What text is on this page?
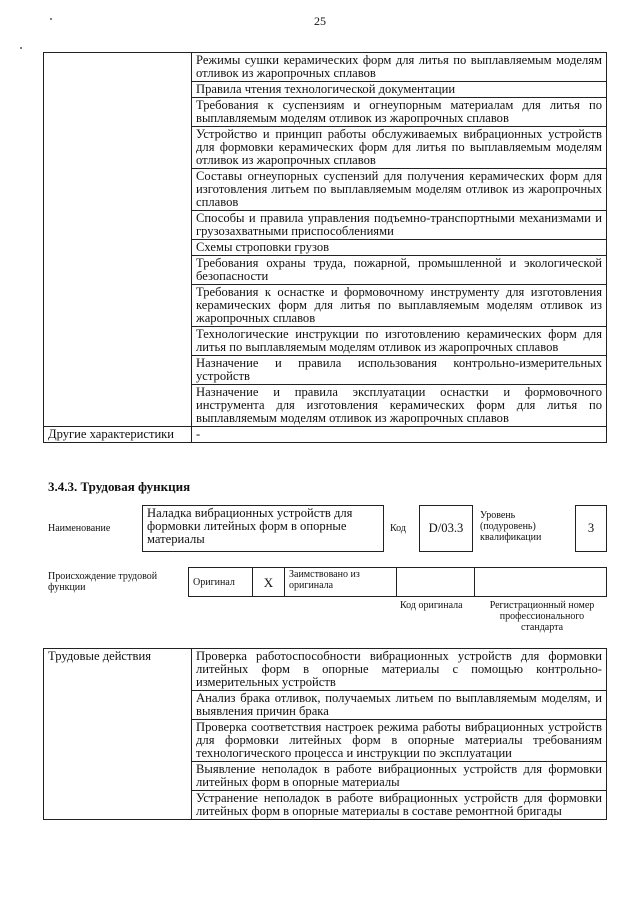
25
	Режимы сушки керамических форм для литья по выплавляемым моделям отливок из жаропрочных сплавов
	Правила чтения технологической документации
	Требования к суспензиям и огнеупорным материалам для литья по выплавляемым моделям отливок из жаропрочных сплавов
	Устройство и принцип работы обслуживаемых вибрационных устройств для формовки керамических форм для литья по выплавляемым моделям отливок из жаропрочных сплавов
	Составы огнеупорных суспензий для получения керамических форм для изготовления литьем по выплавляемым моделям отливок из жаропрочных сплавов
	Способы и правила управления подъемно-транспортными механизмами и грузозахватными приспособлениями
	Схемы строповки грузов
	Требования охраны труда, пожарной, промышленной и экологической безопасности
	Требования к оснастке и формовочному инструменту для изготовления керамических форм для литья по выплавляемым моделям отливок из жаропрочных сплавов
	Технологические инструкции по изготовлению керамических форм для литья по выплавляемым моделям отливок из жаропрочных сплавов
	Назначение и правила использования контрольно-измерительных устройств
	Назначение и правила эксплуатации оснастки и формовочного инструмента для изготовления керамических форм для литья по выплавляемым моделям отливок из жаропрочных сплавов
Другие характеристики	-
3.4.3. Трудовая функция
Наименование
Наладка вибрационных устройств для формовки литейных форм в опорные материалы
Код D/03.3
Уровень (подуровень) квалификации
3
Происхождение трудовой функции	Оригинал	X	Заимствовано из оригинала		
Код оригинала	Регистрационный номер профессионального стандарта
Трудовые действия	Проверка работоспособности вибрационных устройств для формовки литейных форм в опорные материалы с помощью контрольно-измерительных устройств
Анализ брака отливок, получаемых литьем по выплавляемым моделям, и выявления причин брака
Проверка соответствия настроек режима работы вибрационных устройств для формовки литейных форм в опорные материалы требованиям технологического процесса и инструкции по эксплуатации
Выявление неполадок в работе вибрационных устройств для формовки литейных форм в опорные материалы
Устранение неполадок в работе вибрационных устройств для формовки литейных форм в опорные материалы в составе ремонтной бригады
